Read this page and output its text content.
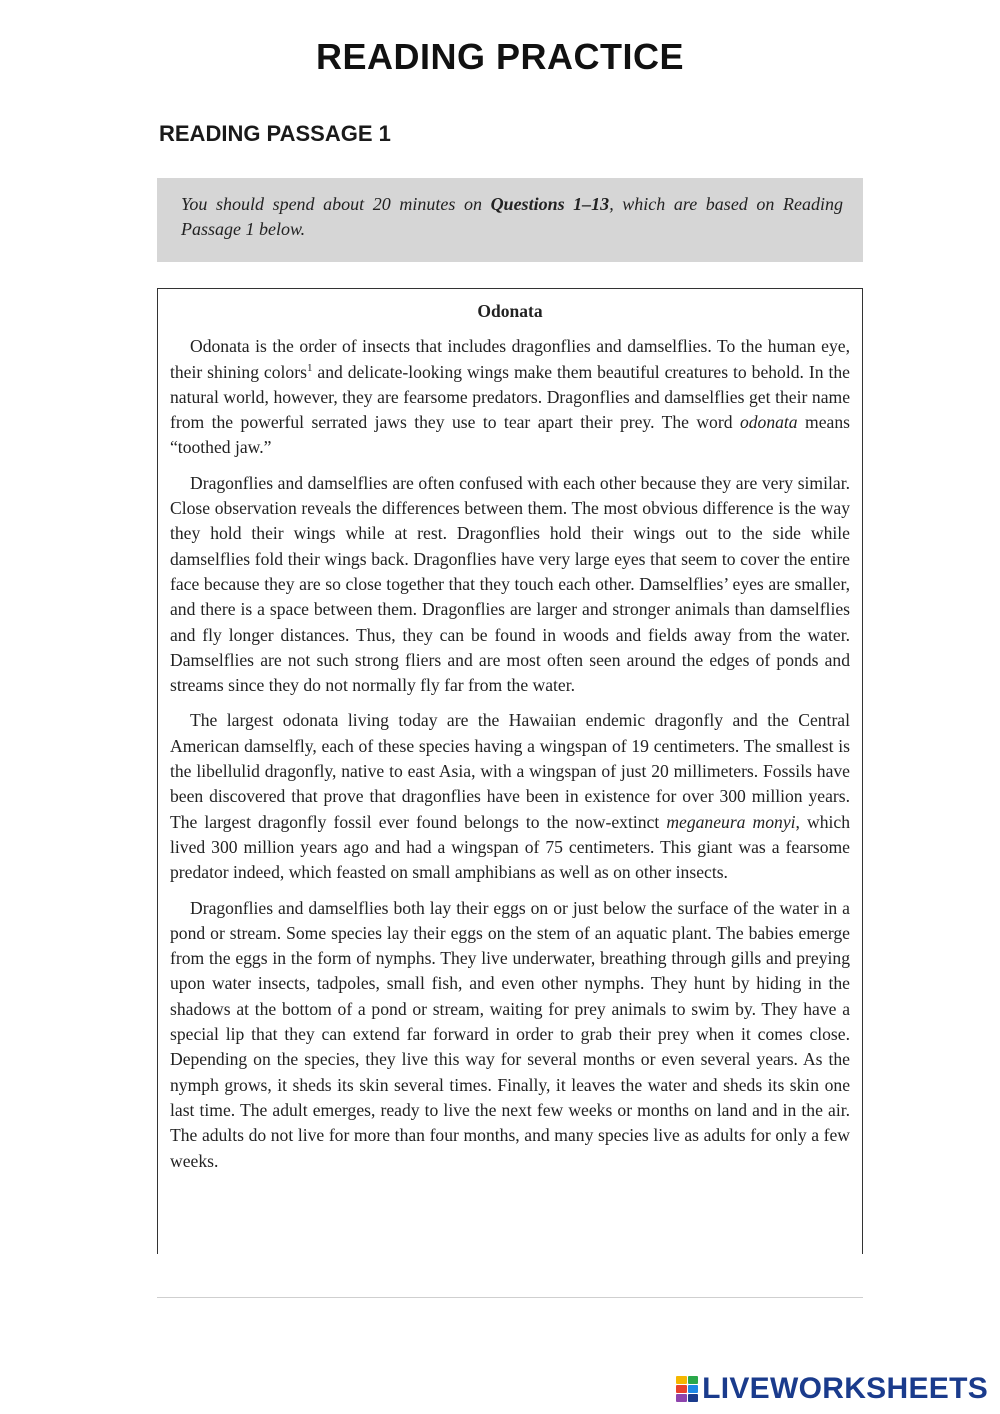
READING PRACTICE
READING PASSAGE 1
You should spend about 20 minutes on Questions 1–13, which are based on Reading Passage 1 below.
Odonata

Odonata is the order of insects that includes dragonflies and damselflies. To the human eye, their shining colors$^1$ and delicate-looking wings make them beautiful creatures to behold. In the natural world, however, they are fearsome predators. Dragonflies and damselflies get their name from the powerful serrated jaws they use to tear apart their prey. The word odonata means “toothed jaw.”

Dragonflies and damselflies are often confused with each other because they are very similar. Close observation reveals the differences between them. The most obvious difference is the way they hold their wings while at rest. Dragonflies hold their wings out to the side while damselflies fold their wings back. Dragonflies have very large eyes that seem to cover the entire face because they are so close together that they touch each other. Damselflies’ eyes are smaller, and there is a space between them. Dragonflies are larger and stronger animals than damselflies and fly longer distances. Thus, they can be found in woods and fields away from the water. Damselflies are not such strong fliers and are most often seen around the edges of ponds and streams since they do not normally fly far from the water.

The largest odonata living today are the Hawaiian endemic dragonfly and the Central American damselfly, each of these species having a wingspan of 19 centimeters. The smallest is the libellulid dragonfly, native to east Asia, with a wingspan of just 20 millimeters. Fossils have been discovered that prove that dragonflies have been in existence for over 300 million years. The largest dragonfly fossil ever found belongs to the now-extinct meganeura monyi, which lived 300 million years ago and had a wingspan of 75 centimeters. This giant was a fearsome predator indeed, which feasted on small amphibians as well as on other insects.

Dragonflies and damselflies both lay their eggs on or just below the surface of the water in a pond or stream. Some species lay their eggs on the stem of an aquatic plant. The babies emerge from the eggs in the form of nymphs. They live underwater, breathing through gills and preying upon water insects, tadpoles, small fish, and even other nymphs. They hunt by hiding in the shadows at the bottom of a pond or stream, waiting for prey animals to swim by. They have a special lip that they can extend far forward in order to grab their prey when it comes close. Depending on the species, they live this way for several months or even several years. As the nymph grows, it sheds its skin several times. Finally, it leaves the water and sheds its skin one last time. The adult emerges, ready to live the next few weeks or months on land and in the air. The adults do not live for more than four months, and many species live as adults for only a few weeks.

LIVEWORKSHEETS
